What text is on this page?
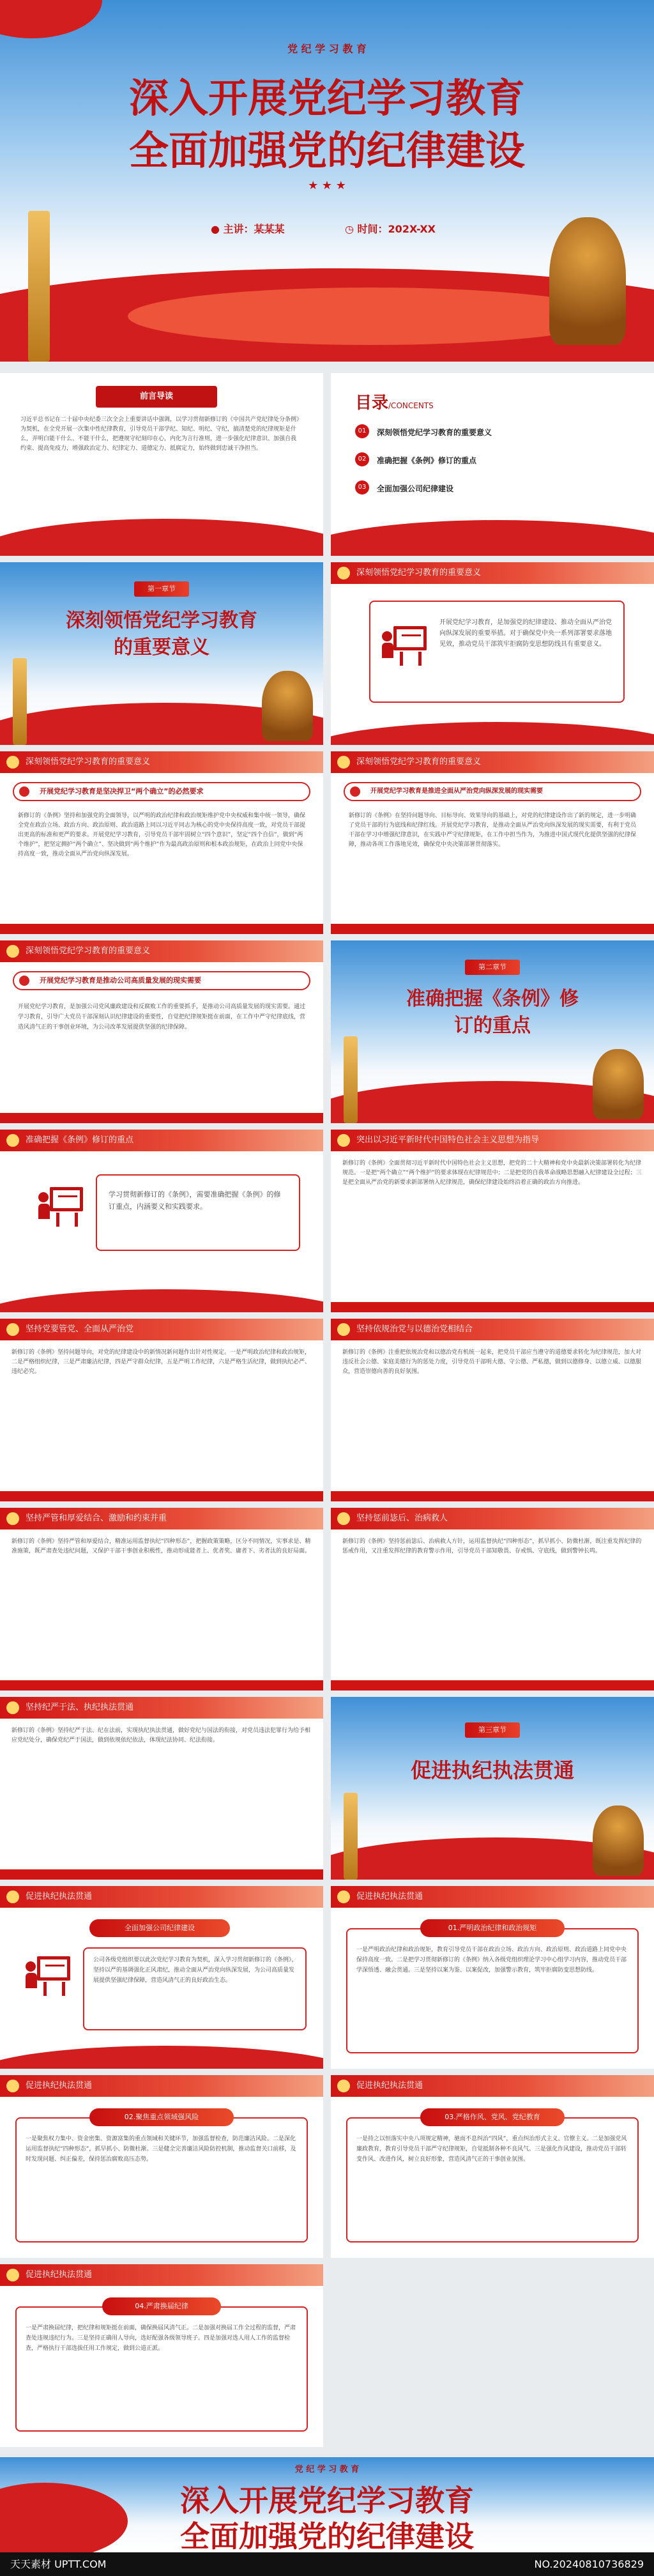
党 纪 学 习 教 育
深入开展党纪学习教育
全面加强党的纪律建设
★ ★ ★
● 主讲：某某某	◷ 时间：202X-XX
前言导读
习近平总书记在二十届中央纪委三次全会上重要讲话中强调，以学习贯彻新修订的《中国共产党纪律处分条例》为契机，在全党开展一次集中性纪律教育，引导党员干部学纪、知纪、明纪、守纪，搞清楚党的纪律规矩是什么，弄明白能干什么、不能干什么，把遵规守纪刻印在心，内化为言行准则，进一步强化纪律意识、加强自我约束、提高免疫力，增强政治定力、纪律定力、道德定力、抵腐定力，始终做到忠诚干净担当。
目录/CONCENTS
01	深刻领悟党纪学习教育的重要意义
02	准确把握《条例》修订的重点
03	全面加强公司纪律建设
第一章节
深刻领悟党纪学习教育
的重要意义
深刻领悟党纪学习教育的重要意义
开展党纪学习教育，是加强党的纪律建设、推动全面从严治党向纵深发展的重要举措。对于确保党中央一系列部署要求落地见效，推动党员干部筑牢拒腐防变思想防线具有重要意义。
深刻领悟党纪学习教育的重要意义
开展党纪学习教育是坚决捍卫“两个确立”的必然要求
新修订的《条例》坚持和加强党的全面领导，以严明的政治纪律和政治规矩维护党中央权威和集中统一领导，确保全党在政治立场、政治方向、政治原则、政治道路上同以习近平同志为核心的党中央保持高度一致，对党员干部提出更高的标准和更严的要求。开展党纪学习教育，引导党员干部牢固树立“四个意识”，坚定“四个自信”，做到“两个维护”，把坚定拥护“两个确立”、坚决做到“两个维护”作为最高政治原则和根本政治规矩，在政治上同党中央保持高度一致，推动全面从严治党向纵深发展。
深刻领悟党纪学习教育的重要意义
开展党纪学习教育是推进全面从严治党向纵深发展的现实需要
新修订的《条例》在坚持问题导向、目标导向、效果导向的基础上，对党的纪律建设作出了新的规定，进一步明确了党员干部的行为底线和纪律红线。开展党纪学习教育，是推动全面从严治党向纵深发展的现实需要，有利于党员干部在学习中增强纪律意识，在实践中严守纪律规矩，在工作中担当作为，为推进中国式现代化提供坚强的纪律保障，推动各项工作落地见效，确保党中央决策部署贯彻落实。
深刻领悟党纪学习教育的重要意义
开展党纪学习教育是推动公司高质量发展的现实需要
开展党纪学习教育，是加强公司党风廉政建设和反腐败工作的重要抓手，是推动公司高质量发展的现实需要。通过学习教育，引导广大党员干部深刻认识纪律建设的重要性，自觉把纪律规矩挺在前面，在工作中严守纪律底线，营造风清气正的干事创业环境，为公司改革发展提供坚强的纪律保障。
第二章节
准确把握《条例》修
订的重点
准确把握《条例》修订的重点
学习贯彻新修订的《条例》，需要准确把握《条例》的修订重点，内涵要义和实践要求。
突出以习近平新时代中国特色社会主义思想为指导
新修订的《条例》全面贯彻习近平新时代中国特色社会主义思想，把党的二十大精神和党中央最新决策部署转化为纪律规范。一是把“两个确立”“两个维护”的要求体现在纪律规范中；二是把党的自我革命战略思想融入纪律建设全过程；三是把全面从严治党的新要求新部署纳入纪律规范，确保纪律建设始终沿着正确的政治方向推进。
坚持党要管党、全面从严治党
新修订的《条例》坚持问题导向，对党的纪律建设中的新情况新问题作出针对性规定。一是严明政治纪律和政治规矩，二是严格组织纪律，三是严肃廉洁纪律，四是严守群众纪律，五是严明工作纪律，六是严格生活纪律，做到执纪必严、违纪必究。
坚持依规治党与以德治党相结合
新修订的《条例》注重把依规治党和以德治党有机统一起来，把党员干部应当遵守的道德要求转化为纪律规范，加大对违反社会公德、家庭美德行为的惩处力度，引导党员干部明大德、守公德、严私德，做到以德修身、以德立威、以德服众，营造崇德向善的良好氛围。
坚持严管和厚爱结合、激励和约束并重
新修订的《条例》坚持严管和厚爱结合，精准运用监督执纪“四种形态”，把握政策策略，区分不同情况，实事求是、精准施策，既严肃查处违纪问题，又保护干部干事创业积极性，推动形成能者上、优者奖、庸者下、劣者汰的良好局面。
坚持惩前毖后、治病救人
新修订的《条例》坚持惩前毖后、治病救人方针，运用监督执纪“四种形态”，抓早抓小、防微杜渐，既注重发挥纪律的惩戒作用，又注重发挥纪律的教育警示作用，引导党员干部知敬畏、存戒惧、守底线，做到警钟长鸣。
坚持纪严于法、执纪执法贯通
新修订的《条例》坚持纪严于法、纪在法前，实现执纪执法贯通，做好党纪与国法的衔接，对党员违法犯罪行为给予相应党纪处分，确保党纪严于国法，做到依规依纪依法，体现纪法协同、纪法衔接。
第三章节
促进执纪执法贯通
促进执纪执法贯通
全面加强公司纪律建设
公司各级党组织要以此次党纪学习教育为契机，深入学习贯彻新修订的《条例》，坚持以严的基调强化正风肃纪，推动全面从严治党向纵深发展，为公司高质量发展提供坚强纪律保障，营造风清气正的良好政治生态。
促进执纪执法贯通
01.严明政治纪律和政治规矩
一是严明政治纪律和政治规矩，教育引导党员干部在政治立场、政治方向、政治原则、政治道路上同党中央保持高度一致。二是把学习贯彻新修订的《条例》纳入各级党组织理论学习中心组学习内容，推动党员干部学深悟透、融会贯通。三是坚持以案为鉴、以案促改，加强警示教育，筑牢拒腐防变思想防线。
促进执纪执法贯通
02.聚焦重点领域强风险
一是聚焦权力集中、资金密集、资源富集的重点领域和关键环节，加强监督检查，防范廉洁风险。二是深化运用监督执纪“四种形态”，抓早抓小、防微杜渐。三是健全完善廉洁风险防控机制，推动监督关口前移，及时发现问题、纠正偏差，保持惩治腐败高压态势。
促进执纪执法贯通
03.严格作风、党风、党纪教育
一是持之以恒落实中央八项规定精神，驰而不息纠治“四风”，重点纠治形式主义、官僚主义。二是加强党风廉政教育，教育引导党员干部严守纪律规矩，自觉抵制各种不良风气。三是强化作风建设，推动党员干部转变作风、改进作风，树立良好形象，营造风清气正的干事创业氛围。
促进执纪执法贯通
04.严肃换届纪律
一是严肃换届纪律，把纪律和规矩挺在前面，确保换届风清气正。二是加强对换届工作全过程的监督，严肃查处违规违纪行为。三是坚持正确用人导向，选好配强各级领导班子。四是加强对选人用人工作的监督检查，严格执行干部选拔任用工作规定，做到公道正派。
党 纪 学 习 教 育
深入开展党纪学习教育
全面加强党的纪律建设
天天素材 UPTT.COM	NO.20240810736829
